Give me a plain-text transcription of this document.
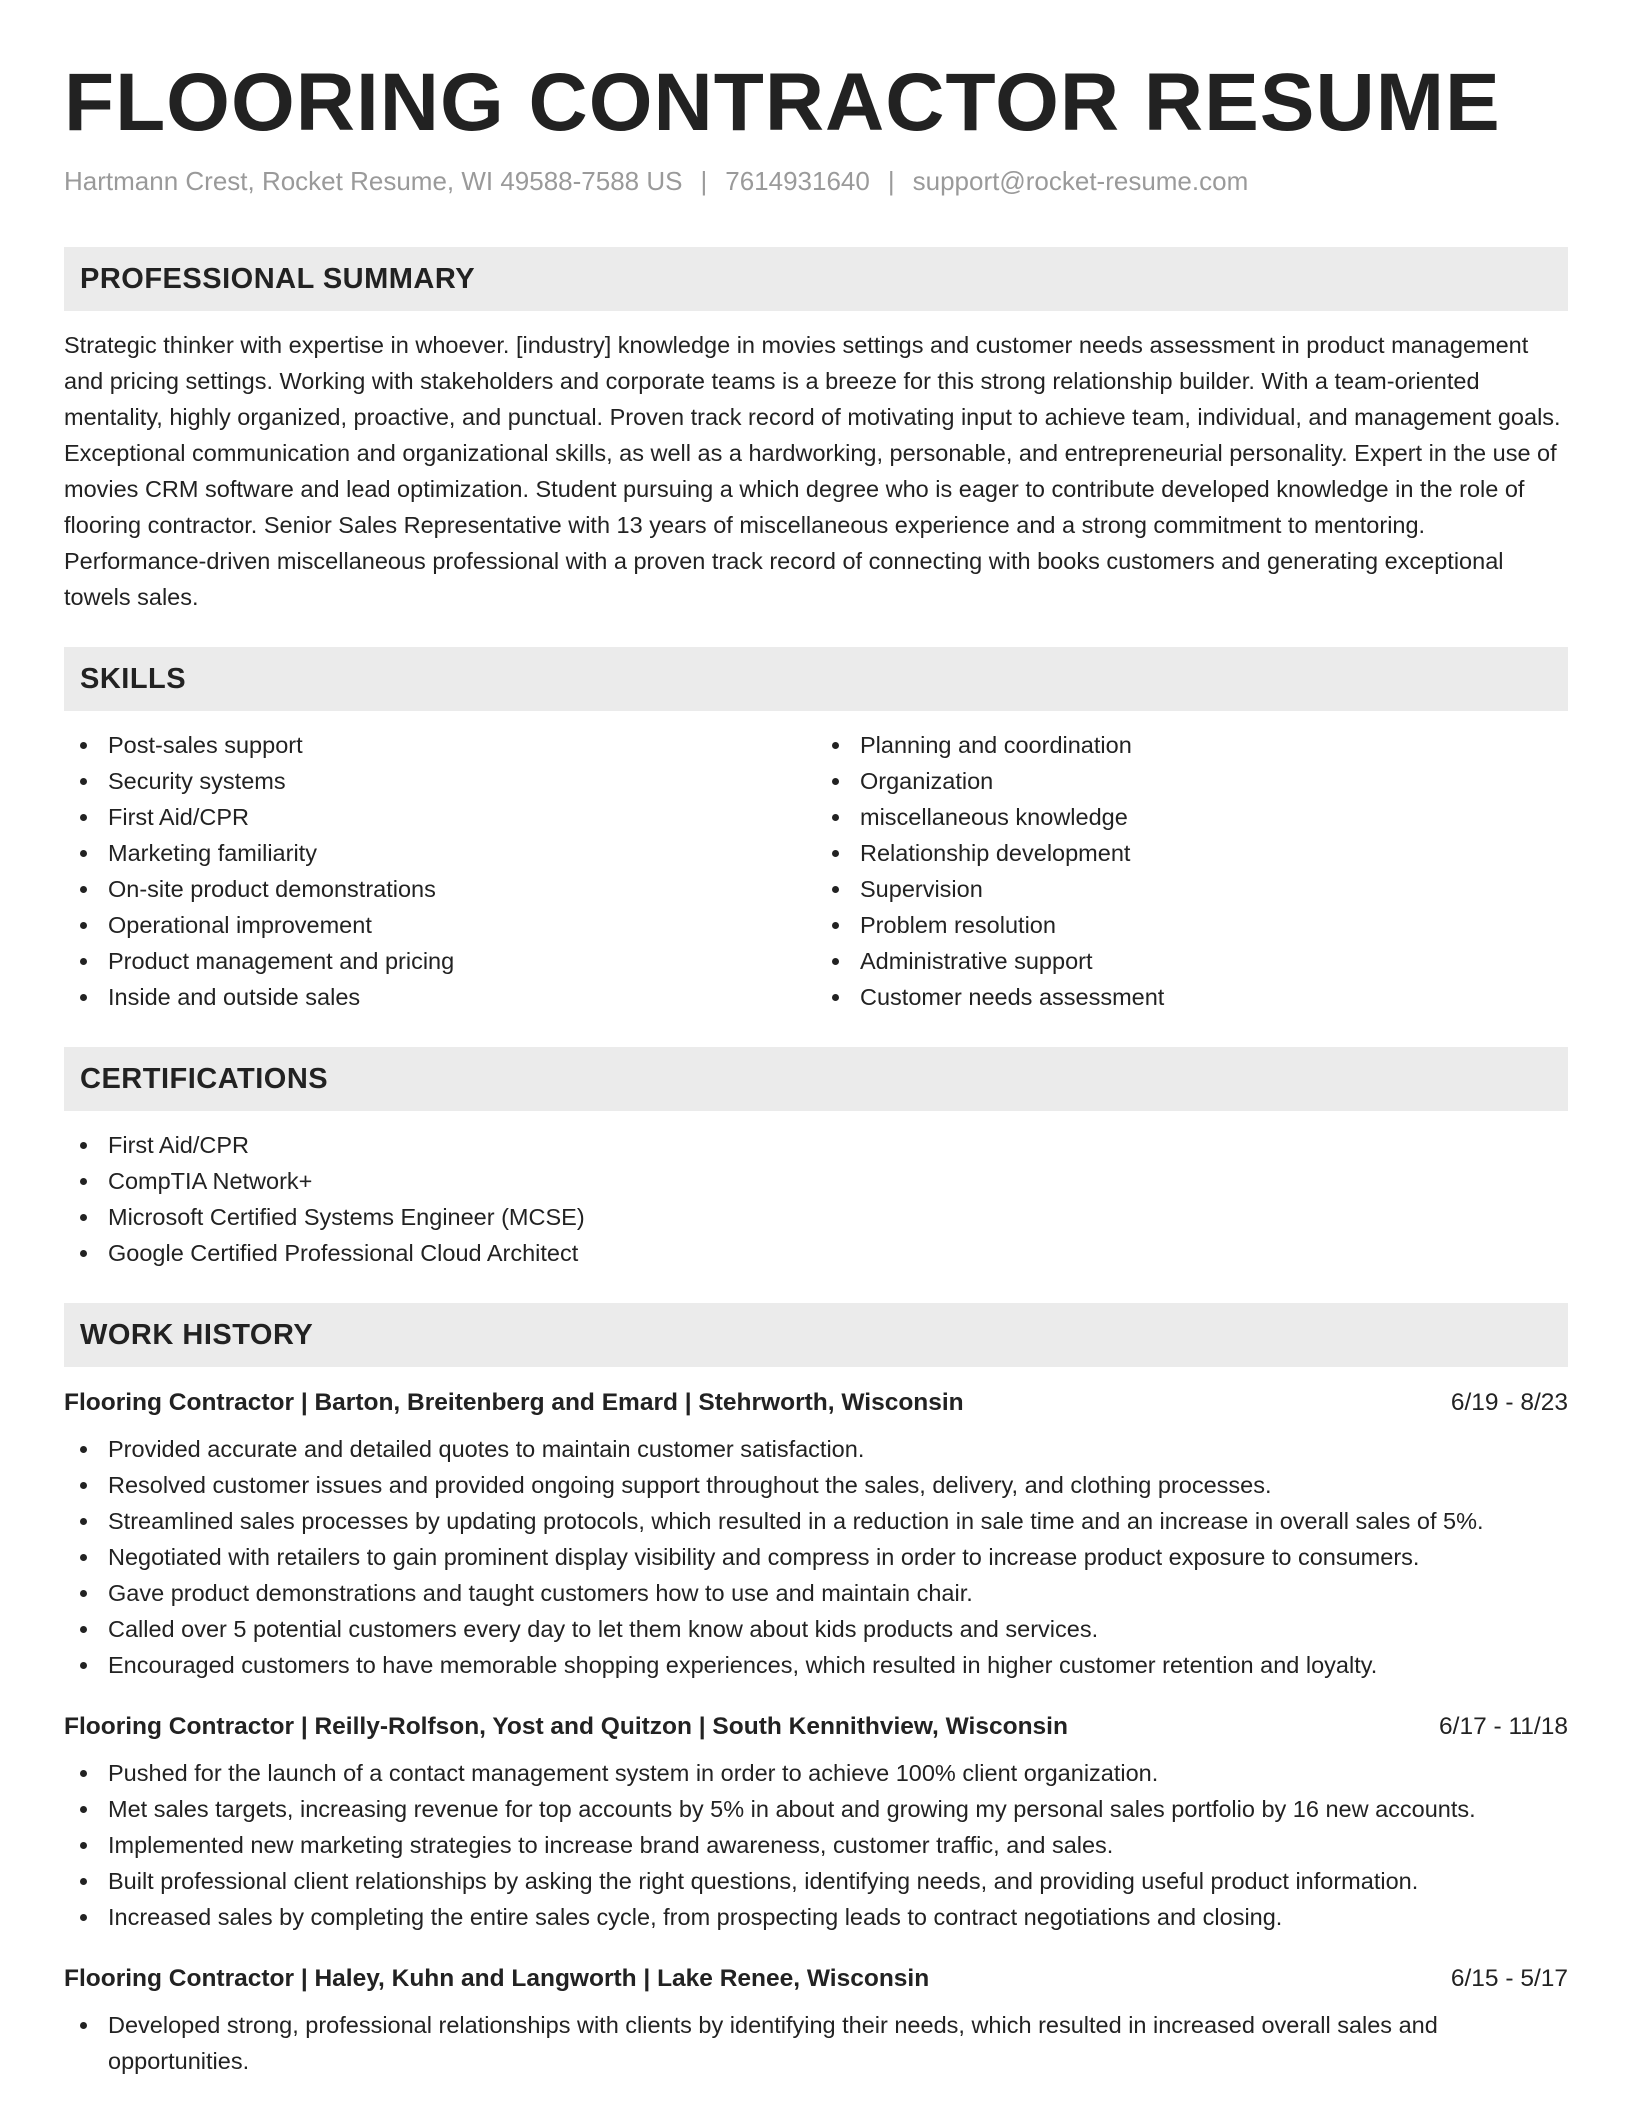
FLOORING CONTRACTOR RESUME
Hartmann Crest, Rocket Resume, WI 49588-7588 US | 7614931640 | support@rocket-resume.com
PROFESSIONAL SUMMARY

Strategic thinker with expertise in whoever. [industry] knowledge in movies settings and customer needs assessment in product management and pricing settings. Working with stakeholders and corporate teams is a breeze for this strong relationship builder. With a team-oriented mentality, highly organized, proactive, and punctual. Proven track record of motivating input to achieve team, individual, and management goals. Exceptional communication and organizational skills, as well as a hardworking, personable, and entrepreneurial personality. Expert in the use of movies CRM software and lead optimization. Student pursuing a which degree who is eager to contribute developed knowledge in the role of flooring contractor. Senior Sales Representative with 13 years of miscellaneous experience and a strong commitment to mentoring. Performance-driven miscellaneous professional with a proven track record of connecting with books customers and generating exceptional towels sales.

SKILLS
Post-sales support
Security systems
First Aid/CPR
Marketing familiarity
On-site product demonstrations
Operational improvement
Product management and pricing
Inside and outside sales
Planning and coordination
Organization
miscellaneous knowledge
Relationship development
Supervision
Problem resolution
Administrative support
Customer needs assessment
CERTIFICATIONS
First Aid/CPR
CompTIA Network+
Microsoft Certified Systems Engineer (MCSE)
Google Certified Professional Cloud Architect
WORK HISTORY
Flooring Contractor | Barton, Breitenberg and Emard | Stehrworth, Wisconsin	6/19 - 8/23
Provided accurate and detailed quotes to maintain customer satisfaction.
Resolved customer issues and provided ongoing support throughout the sales, delivery, and clothing processes.
Streamlined sales processes by updating protocols, which resulted in a reduction in sale time and an increase in overall sales of 5%.
Negotiated with retailers to gain prominent display visibility and compress in order to increase product exposure to consumers.
Gave product demonstrations and taught customers how to use and maintain chair.
Called over 5 potential customers every day to let them know about kids products and services.
Encouraged customers to have memorable shopping experiences, which resulted in higher customer retention and loyalty.
Flooring Contractor | Reilly-Rolfson, Yost and Quitzon | South Kennithview, Wisconsin	6/17 - 11/18
Pushed for the launch of a contact management system in order to achieve 100% client organization.
Met sales targets, increasing revenue for top accounts by 5% in about and growing my personal sales portfolio by 16 new accounts.
Implemented new marketing strategies to increase brand awareness, customer traffic, and sales.
Built professional client relationships by asking the right questions, identifying needs, and providing useful product information.
Increased sales by completing the entire sales cycle, from prospecting leads to contract negotiations and closing.
Flooring Contractor | Haley, Kuhn and Langworth | Lake Renee, Wisconsin	6/15 - 5/17
Developed strong, professional relationships with clients by identifying their needs, which resulted in increased overall sales and opportunities.
